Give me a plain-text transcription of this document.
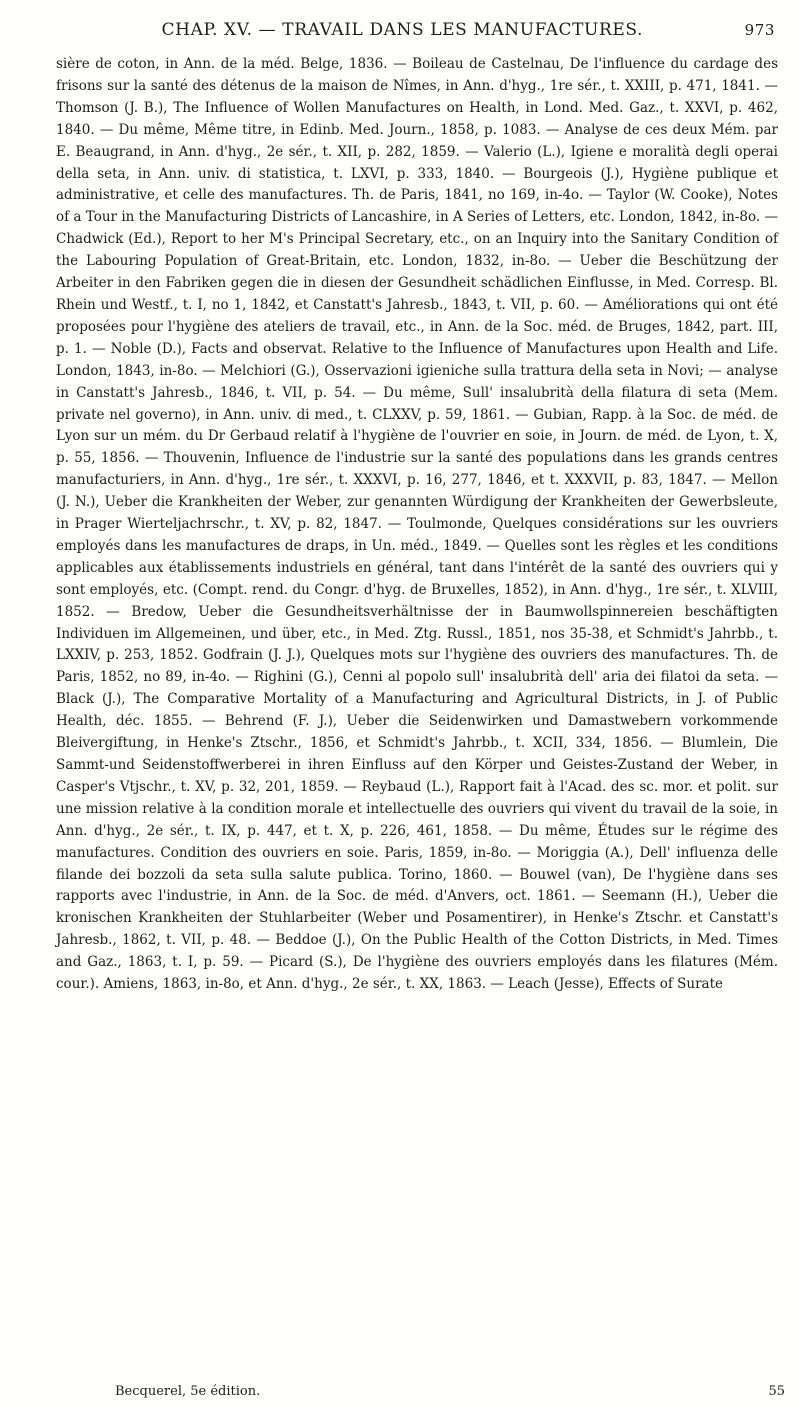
CHAP. XV. — TRAVAIL DANS LES MANUFACTURES.	973

sière de coton, in Ann. de la méd. Belge, 1836. — Boileau de Castelnau, De l'influence du cardage des frisons sur la santé des détenus de la maison de Nîmes, in Ann. d'hyg., 1re sér., t. XXIII, p. 471, 1841. — Thomson (J. B.), The Influence of Wollen Manufactures on Health, in Lond. Med. Gaz., t. XXVI, p. 462, 1840. — Du même, Même titre, in Edinb. Med. Journ., 1858, p. 1083. — Analyse de ces deux Mém. par E. Beaugrand, in Ann. d'hyg., 2e sér., t. XII, p. 282, 1859. — Valerio (L.), Igiene e moralità degli operai della seta, in Ann. univ. di statistica, t. LXVI, p. 333, 1840. — Bourgeois (J.), Hygiène publique et administrative, et celle des manufactures. Th. de Paris, 1841, no 169, in-4o. — Taylor (W. Cooke), Notes of a Tour in the Manufacturing Districts of Lancashire, in A Series of Letters, etc. London, 1842, in-8o. — Chadwick (Ed.), Report to her M's Principal Secretary, etc., on an Inquiry into the Sanitary Condition of the Labouring Population of Great-Britain, etc. London, 1832, in-8o. — Ueber die Beschützung der Arbeiter in den Fabriken gegen die in diesen der Gesundheit schädlichen Einflusse, in Med. Corresp. Bl. Rhein und Westf., t. I, no 1, 1842, et Canstatt's Jahresb., 1843, t. VII, p. 60. — Améliorations qui ont été proposées pour l'hygiène des ateliers de travail, etc., in Ann. de la Soc. méd. de Bruges, 1842, part. III, p. 1. — Noble (D.), Facts and observat. Relative to the Influence of Manufactures upon Health and Life. London, 1843, in-8o. — Melchiori (G.), Osservazioni igieniche sulla trattura della seta in Novi; — analyse in Canstatt's Jahresb., 1846, t. VII, p. 54. — Du même, Sull' insalubrità della filatura di seta (Mem. private nel governo), in Ann. univ. di med., t. CLXXV, p. 59, 1861. — Gubian, Rapp. à la Soc. de méd. de Lyon sur un mém. du Dr Gerbaud relatif à l'hygiène de l'ouvrier en soie, in Journ. de méd. de Lyon, t. X, p. 55, 1856. — Thouvenin, Influence de l'industrie sur la santé des populations dans les grands centres manufacturiers, in Ann. d'hyg., 1re sér., t. XXXVI, p. 16, 277, 1846, et t. XXXVII, p. 83, 1847. — Mellon (J. N.), Ueber die Krankheiten der Weber, zur genannten Würdigung der Krankheiten der Gewerbsleute, in Prager Wierteljachrschr., t. XV, p. 82, 1847. — Toulmonde, Quelques considérations sur les ouvriers employés dans les manufactures de draps, in Un. méd., 1849. — Quelles sont les règles et les conditions applicables aux établissements industriels en général, tant dans l'intérêt de la santé des ouvriers qui y sont employés, etc. (Compt. rend. du Congr. d'hyg. de Bruxelles, 1852), in Ann. d'hyg., 1re sér., t. XLVIII, 1852. — Bredow, Ueber die Gesundheitsverhältnisse der in Baumwollspinnereien beschäftigten Individuen im Allgemeinen, und über, etc., in Med. Ztg. Russl., 1851, nos 35-38, et Schmidt's Jahrbb., t. LXXIV, p. 253, 1852. Godfrain (J. J.), Quelques mots sur l'hygiène des ouvriers des manufactures. Th. de Paris, 1852, no 89, in-4o. — Righini (G.), Cenni al popolo sull' insalubrità dell' aria dei filatoi da seta. — Black (J.), The Comparative Mortality of a Manufacturing and Agricultural Districts, in J. of Public Health, déc. 1855. — Behrend (F. J.), Ueber die Seidenwirken und Damastwebern vorkommende Bleivergiftung, in Henke's Ztschr., 1856, et Schmidt's Jahrbb., t. XCII, 334, 1856. — Blumlein, Die Sammt-und Seidenstoffwerberei in ihren Einfluss auf den Körper und Geistes-Zustand der Weber, in Casper's Vtjschr., t. XV, p. 32, 201, 1859. — Reybaud (L.), Rapport fait à l'Acad. des sc. mor. et polit. sur une mission relative à la condition morale et intellectuelle des ouvriers qui vivent du travail de la soie, in Ann. d'hyg., 2e sér., t. IX, p. 447, et t. X, p. 226, 461, 1858. — Du même, Études sur le régime des manufactures. Condition des ouvriers en soie. Paris, 1859, in-8o. — Moriggia (A.), Dell' influenza delle filande dei bozzoli da seta sulla salute publica. Torino, 1860. — Bouwel (van), De l'hygiène dans ses rapports avec l'industrie, in Ann. de la Soc. de méd. d'Anvers, oct. 1861. — Seemann (H.), Ueber die kronischen Krankheiten der Stuhlarbeiter (Weber und Posamentirer), in Henke's Ztschr. et Canstatt's Jahresb., 1862, t. VII, p. 48. — Beddoe (J.), On the Public Health of the Cotton Districts, in Med. Times and Gaz., 1863, t. I, p. 59. — Picard (S.), De l'hygiène des ouvriers employés dans les filatures (Mém. cour.). Amiens, 1863, in-8o, et Ann. d'hyg., 2e sér., t. XX, 1863. — Leach (Jesse), Effects of Surate

Becquerel, 5e édition.	55
